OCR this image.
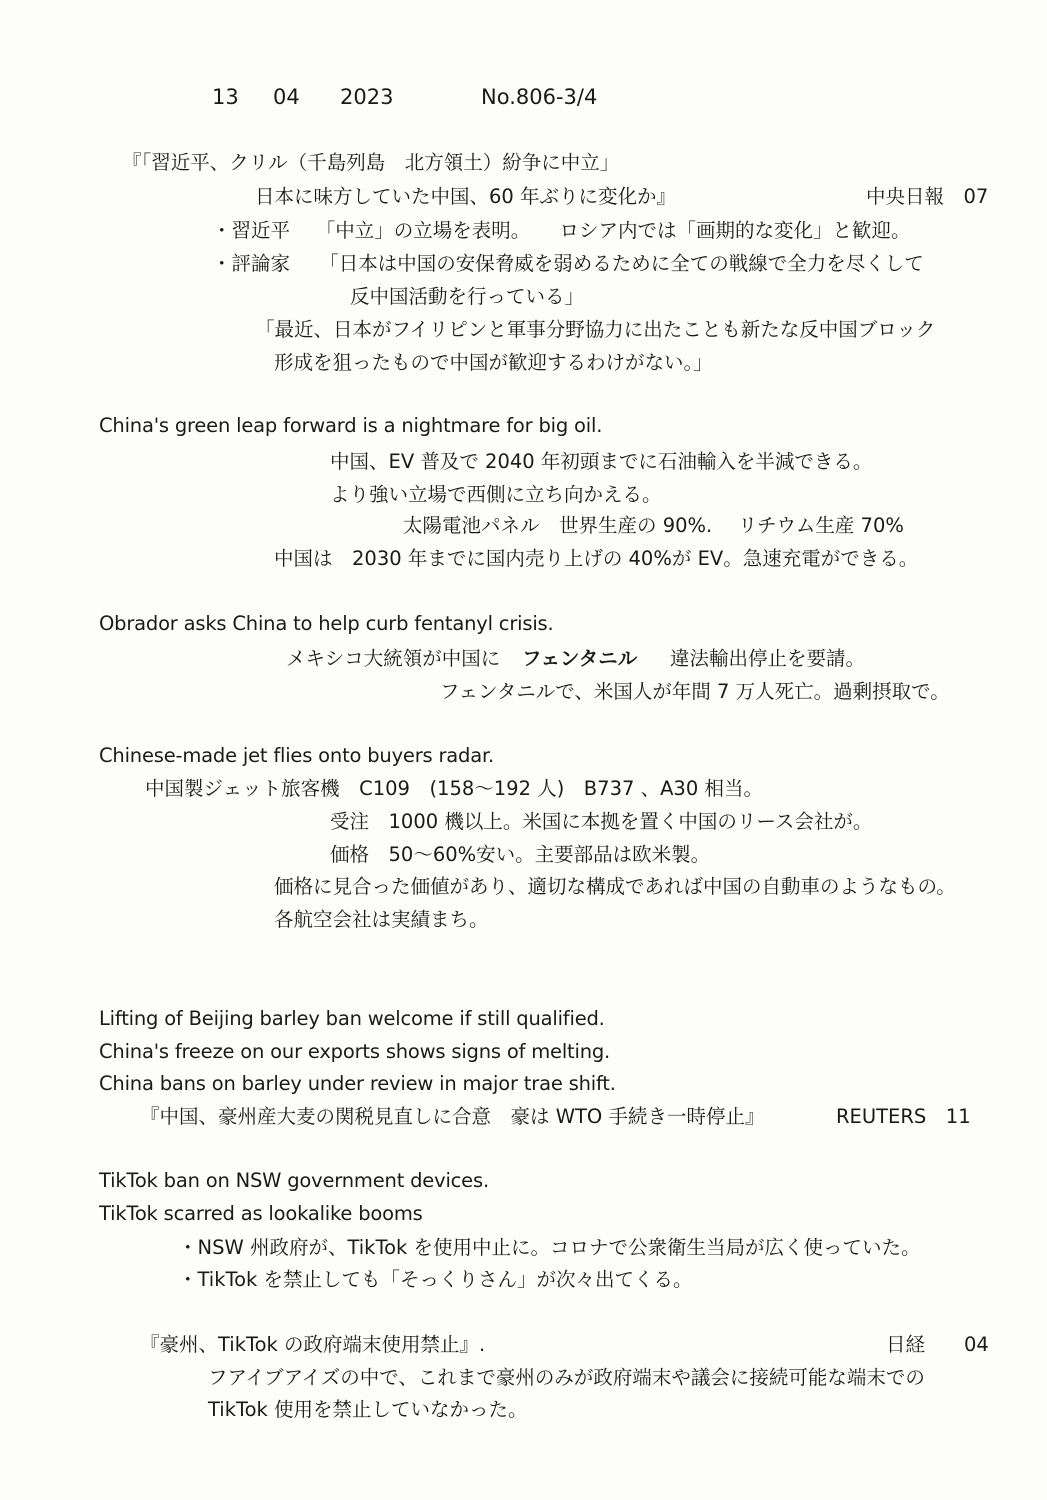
13 04 2023	No.806-3/4
『「習近平、クリル（千島列島　北方領土）紛争に中立」
日本に味方していた中国、60 年ぶりに変化か』	中央日報　07
・習近平　 「中立」の立場を表明。　　ロシア内では「画期的な変化」と歓迎。
・評論家　　「日本は中国の安保脅威を弱めるために全ての戦線で全力を尽くして
反中国活動を行っている」
「最近、日本がフイリピンと軍事分野協力に出たことも新たな反中国ブロック
形成を狙ったもので中国が歓迎するわけがない。」
China's green leap forward is a nightmare for big oil.
中国、EV 普及で 2040 年初頭までに石油輸入を半減できる。
より強い立場で西側に立ち向かえる。
太陽電池パネル　世界生産の 90%.　 リチウム生産 70%
中国は　2030 年までに国内売り上げの 40%が EV。急速充電ができる。
Obrador asks China to help curb fentanyl crisis.
メキシコ大統領が中国に フェンタニル 違法輸出停止を要請。
フェンタニルで、米国人が年間 7 万人死亡。過剰摂取で。
Chinese-made jet flies onto buyers radar.
中国製ジェット旅客機　C109　(158～192 人)　B737 、A30 相当。
受注　1000 機以上。米国に本拠を置く中国のリース会社が。
価格　50～60%安い。主要部品は欧米製。
価格に見合った価値があり、適切な構成であれば中国の自動車のようなもの。
各航空会社は実績まち。
Lifting of Beijing barley ban welcome if still qualified.
China's freeze on our exports shows signs of melting.
China bans on barley under review in major trae shift.
『中国、豪州産大麦の関税見直しに合意　豪は WTO 手続き一時停止』	REUTERS　11
TikTok ban on NSW government devices.
TikTok scarred as lookalike booms
・NSW 州政府が、TikTok を使用中止に。コロナで公衆衛生当局が広く使っていた。
・TikTok を禁止しても「そっくりさん」が次々出てくる。
『豪州、TikTok の政府端末使用禁止』.	日経　　04
フアイブアイズの中で、これまで豪州のみが政府端末や議会に接続可能な端末での
TikTok 使用を禁止していなかった。
